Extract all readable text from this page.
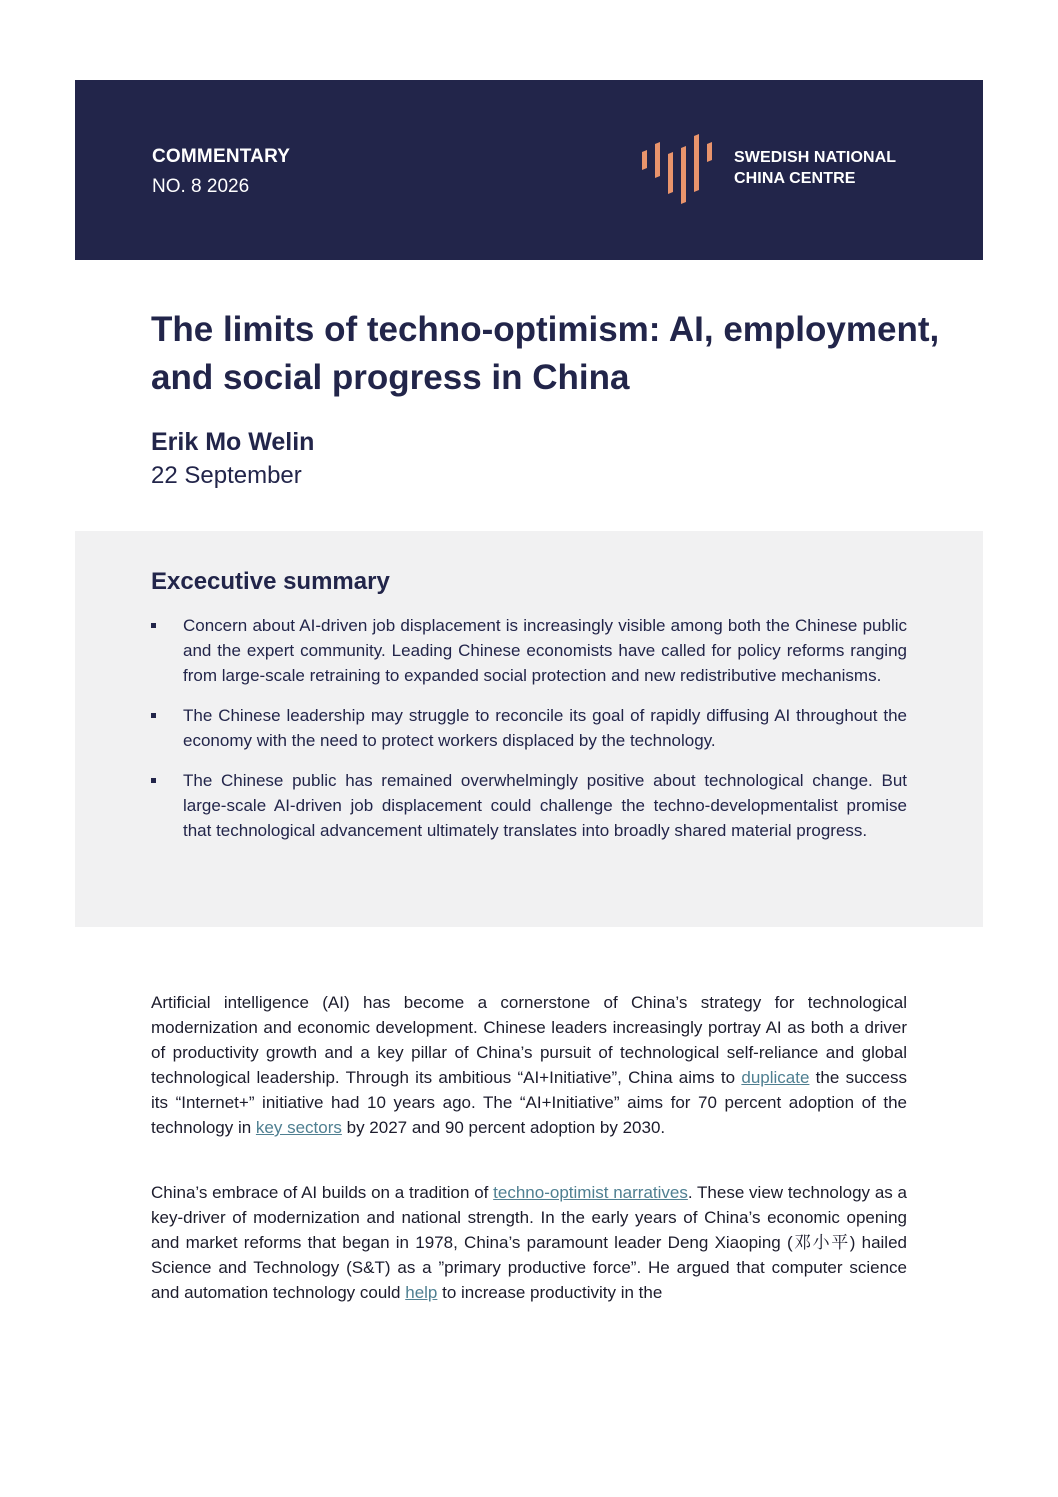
COMMENTARY
NO. 8 2026
SWEDISH NATIONAL
CHINA CENTRE
The limits of techno-optimism: AI, employment, and social progress in China
Erik Mo Welin
22 September
Excecutive summary
Concern about AI-driven job displacement is increasingly visible among both the Chinese public and the expert community. Leading Chinese economists have called for policy reforms ranging from large-scale retraining to expanded social protection and new redistributive mechanisms.
The Chinese leadership may struggle to reconcile its goal of rapidly diffusing AI throughout the economy with the need to protect workers displaced by the technology.
The Chinese public has remained overwhelmingly positive about technological change. But large-scale AI-driven job displacement could challenge the techno-developmentalist promise that technological advancement ultimately translates into broadly shared material progress.

Artificial intelligence (AI) has become a cornerstone of China’s strategy for technological modernization and economic development. Chinese leaders increasingly portray AI as both a driver of productivity growth and a key pillar of China’s pursuit of technological self-reliance and global technological leadership. Through its ambitious “AI+Initiative”, China aims to duplicate the success its “Internet+” initiative had 10 years ago. The “AI+Initiative” aims for 70 percent adoption of the technology in key sectors by 2027 and 90 percent adoption by 2030.

China’s embrace of AI builds on a tradition of techno-optimist narratives. These view technology as a key-driver of modernization and national strength. In the early years of China’s economic opening and market reforms that began in 1978, China’s paramount leader Deng Xiaoping (邓小平) hailed Science and Technology (S&T) as a ”primary productive force”. He argued that computer science and automation technology could help to increase productivity in the
